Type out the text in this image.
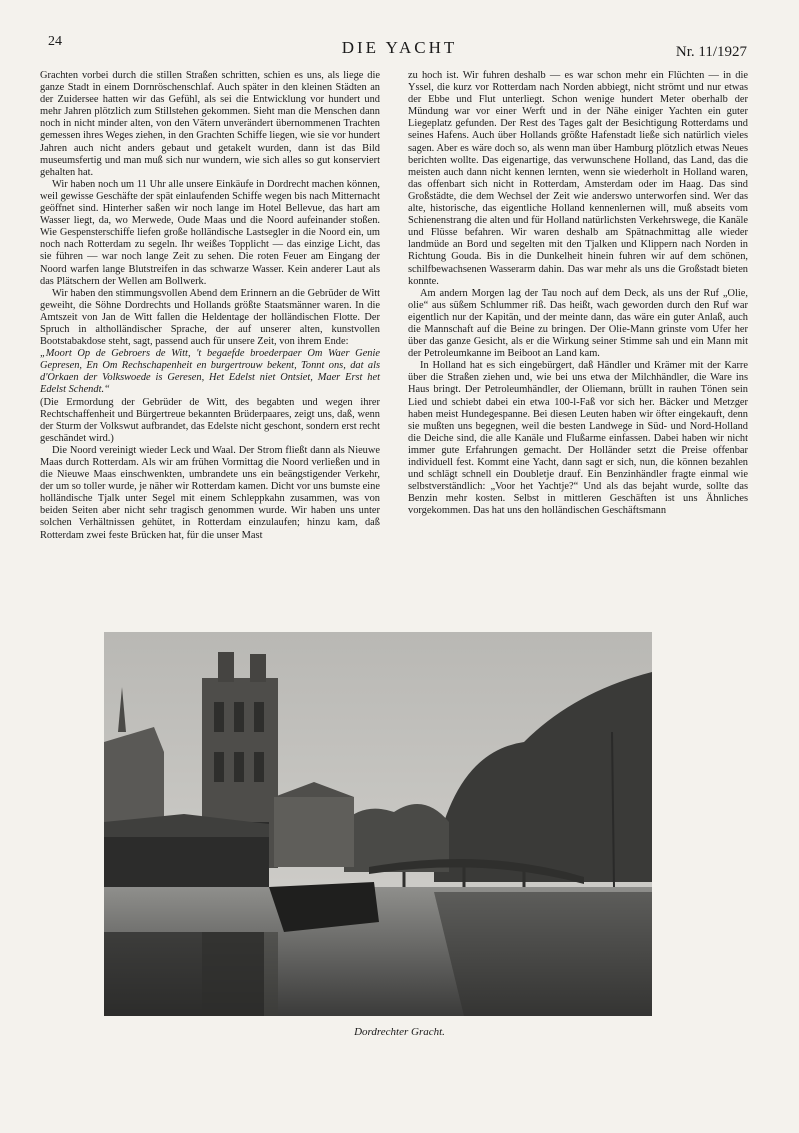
24	DIE YACHT	Nr. 11/1927

Grachten vorbei durch die stillen Straßen schritten, schien es uns, als liege die ganze Stadt in einem Dornröschenschlaf. Auch später in den kleinen Städten an der Zuidersee hatten wir das Gefühl, als sei die Entwicklung vor hundert und mehr Jahren plötzlich zum Stillstehen gekommen. Sieht man die Menschen dann noch in nicht minder alten, von den Vätern unverändert übernommenen Trachten gemessen ihres Weges ziehen, in den Grachten Schiffe liegen, wie sie vor hundert Jahren auch nicht anders gebaut und getakelt wurden, dann ist das Bild museumsfertig und man muß sich nur wundern, wie sich alles so gut konserviert gehalten hat.

Wir haben noch um 11 Uhr alle unsere Einkäufe in Dordrecht machen können, weil gewisse Geschäfte der spät einlaufenden Schiffe wegen bis nach Mitternacht geöffnet sind. Hinterher saßen wir noch lange im Hotel Bellevue, das hart am Wasser liegt, da, wo Merwede, Oude Maas und die Noord aufeinander stoßen. Wie Gespensterschiffe liefen große holländische Lastsegler in die Noord ein, um noch nach Rotterdam zu segeln. Ihr weißes Topplicht — das einzige Licht, das sie führen — war noch lange Zeit zu sehen. Die roten Feuer am Eingang der Noord warfen lange Blutstreifen in das schwarze Wasser. Kein anderer Laut als das Plätschern der Wellen am Bollwerk.

Wir haben den stimmungsvollen Abend dem Erinnern an die Gebrüder de Witt geweiht, die Söhne Dordrechts und Hollands größte Staatsmänner waren. In die Amtszeit von Jan de Witt fallen die Heldentage der holländischen Flotte. Der Spruch in altholländischer Sprache, der auf unserer alten, kunstvollen Bootstabakdose steht, sagt, passend auch für unsere Zeit, von ihrem Ende:

„Moort Op de Gebroers de Witt, 't begaefde broederpaer Om Waer Genie Gepresen, En Om Rechschapenheit en burgertrouw bekent, Tonnt ons, dat als d'Orkaen der Volkswoede is Geresen, Het Edelst niet Ontsiet, Maer Erst het Edelst Schendt.“

(Die Ermordung der Gebrüder de Witt, des begabten und wegen ihrer Rechtschaffenheit und Bürgertreue bekannten Brüderpaares, zeigt uns, daß, wenn der Sturm der Volkswut aufbrandet, das Edelste nicht geschont, sondern erst recht geschändet wird.)

Die Noord vereinigt wieder Leck und Waal. Der Strom fließt dann als Nieuwe Maas durch Rotterdam. Als wir am frühen Vormittag die Noord verließen und in die Nieuwe Maas einschwenkten, umbrandete uns ein beängstigender Verkehr, der um so toller wurde, je näher wir Rotterdam kamen. Dicht vor uns bumste eine holländische Tjalk unter Segel mit einem Schleppkahn zusammen, was von beiden Seiten aber nicht sehr tragisch genommen wurde. Wir haben uns unter solchen Verhältnissen gehütet, in Rotterdam einzulaufen; hinzu kam, daß Rotterdam zwei feste Brücken hat, für die unser Mast

zu hoch ist. Wir fuhren deshalb — es war schon mehr ein Flüchten — in die Yssel, die kurz vor Rotterdam nach Norden abbiegt, nicht strömt und nur etwas der Ebbe und Flut unterliegt. Schon wenige hundert Meter oberhalb der Mündung war vor einer Werft und in der Nähe einiger Yachten ein guter Liegeplatz gefunden. Der Rest des Tages galt der Besichtigung Rotterdams und seines Hafens. Auch über Hollands größte Hafenstadt ließe sich natürlich vieles sagen. Aber es wäre doch so, als wenn man über Hamburg plötzlich etwas Neues berichten wollte. Das eigenartige, das verwunschene Holland, das Land, das die meisten auch dann nicht kennen lernten, wenn sie wiederholt in Holland waren, das offenbart sich nicht in Rotterdam, Amsterdam oder im Haag. Das sind Großstädte, die dem Wechsel der Zeit wie anderswo unterworfen sind. Wer das alte, historische, das eigentliche Holland kennenlernen will, muß abseits vom Schienenstrang die alten und für Holland natürlichsten Verkehrswege, die Kanäle und Flüsse befahren. Wir waren deshalb am Spätnachmittag alle wieder landmüde an Bord und segelten mit den Tjalken und Klippern nach Norden in Richtung Gouda. Bis in die Dunkelheit hinein fuhren wir auf dem schönen, schilfbewachsenen Wasserarm dahin. Das war mehr als uns die Großstadt bieten konnte.

Am andern Morgen lag der Tau noch auf dem Deck, als uns der Ruf „Olie, olie“ aus süßem Schlummer riß. Das heißt, wach geworden durch den Ruf war eigentlich nur der Kapitän, und der meinte dann, das wäre ein guter Anlaß, auch die Mannschaft auf die Beine zu bringen. Der Olie-Mann grinste vom Ufer her über das ganze Gesicht, als er die Wirkung seiner Stimme sah und ein Mann mit der Petroleumkanne im Beiboot an Land kam.

In Holland hat es sich eingebürgert, daß Händler und Krämer mit der Karre über die Straßen ziehen und, wie bei uns etwa der Milchhändler, die Ware ins Haus bringt. Der Petroleumhändler, der Oliemann, brüllt in rauhen Tönen sein Lied und schiebt dabei ein etwa 100-l-Faß vor sich her. Bäcker und Metzger haben meist Hundegespanne. Bei diesen Leuten haben wir öfter eingekauft, denn sie mußten uns begegnen, weil die besten Landwege in Süd- und Nord-Holland die Deiche sind, die alle Kanäle und Flußarme einfassen. Dabei haben wir nicht immer gute Erfahrungen gemacht. Der Holländer setzt die Preise offenbar individuell fest. Kommt eine Yacht, dann sagt er sich, nun, die können bezahlen und schlägt schnell ein Doubletje drauf. Ein Benzinhändler fragte einmal wie selbstverständlich: „Voor het Yachtje?“ Und als das bejaht wurde, sollte das Benzin mehr kosten. Selbst in mittleren Geschäften ist uns Ähnliches vorgekommen. Das hat uns den holländischen Geschäftsmann

Dordrechter Gracht.
